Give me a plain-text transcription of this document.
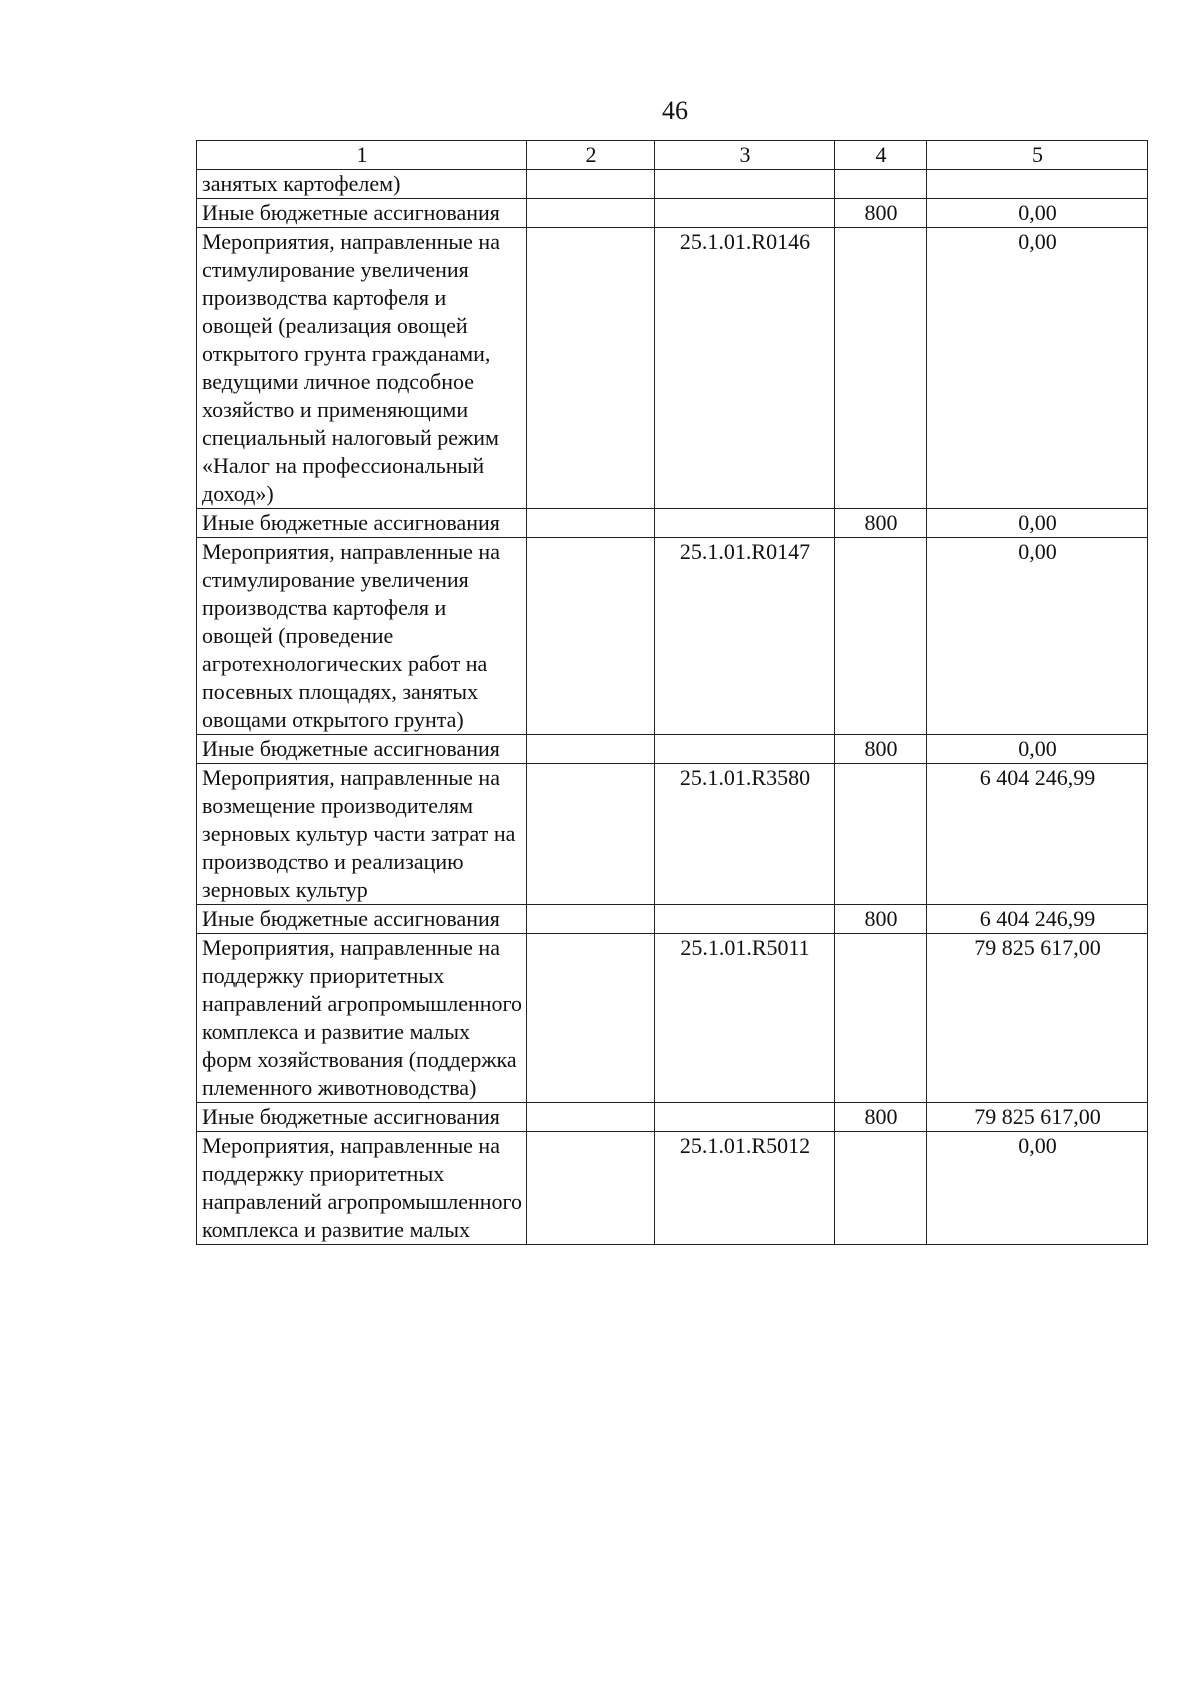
46
1	2	3	4	5
занятых картофелем)				
Иные бюджетные ассигнования			800	0,00
Мероприятия, направленные на стимулирование увеличения производства картофеля и овощей (реализация овощей открытого грунта гражданами, ведущими личное подсобное хозяйство и применяющими специальный налоговый режим «Налог на профессиональный доход»)		25.1.01.R0146		0,00
Иные бюджетные ассигнования			800	0,00
Мероприятия, направленные на стимулирование увеличения производства картофеля и овощей (проведение агротехнологических работ на посевных площадях, занятых овощами открытого грунта)		25.1.01.R0147		0,00
Иные бюджетные ассигнования			800	0,00
Мероприятия, направленные на возмещение производителям зерновых культур части затрат на производство и реализацию зерновых культур		25.1.01.R3580		6 404 246,99
Иные бюджетные ассигнования			800	6 404 246,99
Мероприятия, направленные на поддержку приоритетных направлений агропромышленного комплекса и развитие малых форм хозяйствования (поддержка племенного животноводства)		25.1.01.R5011		79 825 617,00
Иные бюджетные ассигнования			800	79 825 617,00
Мероприятия, направленные на поддержку приоритетных направлений агропромышленного комплекса и развитие малых		25.1.01.R5012		0,00
